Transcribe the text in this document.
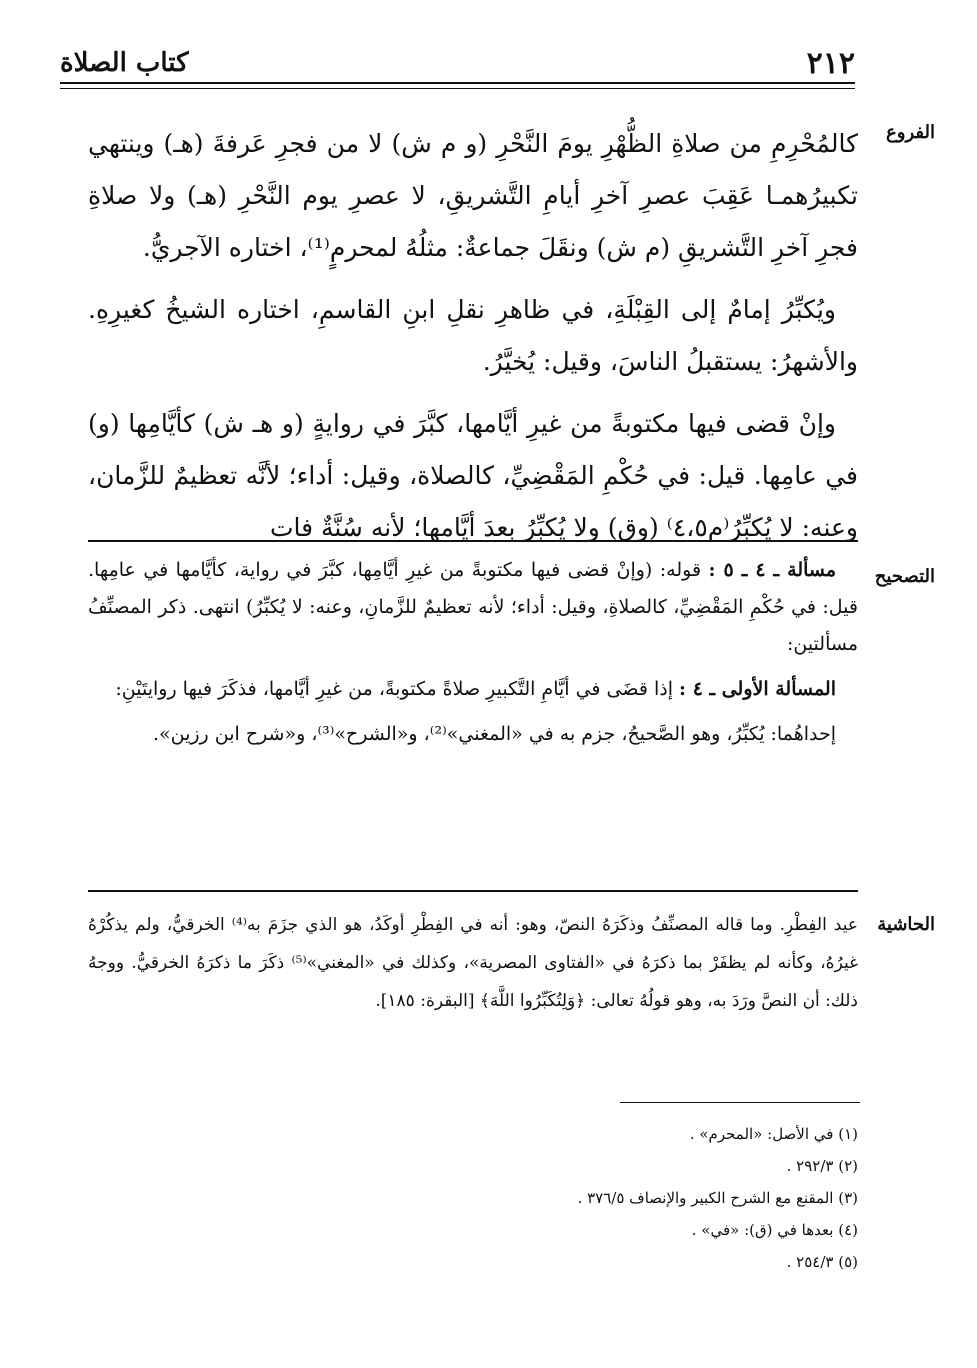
٢١٢
كتاب الصلاة
الفروع

كالمُحْرِمِ من صلاةِ الظُّهْرِ يومَ النَّحْرِ (و م ش) لا من فجرِ عَرفةَ (هـ) وينتهي تكبيرُهمـا عَقِبَ عصرِ آخرِ أيامِ التَّشريقِ، لا عصرِ يوم النَّحْرِ (هـ) ولا صلاةِ فجرِ آخرِ التَّشريقِ (م ش) ونقَلَ جماعةٌ: مثلُهُ لمحرمٍ⁽¹⁾، اختاره الآجريُّ.

ويُكبِّرُ إمامٌ إلى القِبْلَةِ، في ظاهرِ نقلِ ابنِ القاسمِ، اختاره الشيخُ كغيرِهِ. والأشهرُ: يستقبلُ الناسَ، وقيل: يُخيَّرُ.

وإنْ قضى فيها مكتوبةً من غيرِ أيَّامها، كبَّرَ في روايةٍ (و هـ ش) كأيَّامِها (و) في عامِها. قيل: في حُكْمِ المَقْضِيِّ، كالصلاة، وقيل: أداء؛ لأنَّه تعظيمٌ للزَّمان، وعنه: لا يُكبِّرُ⁽م٤،٥⁾ (وق) ولا يُكبِّرُ بعدَ أيَّامها؛ لأنه سُنَّةٌ فات

التصحيح

مسألة ـ ٤ ـ ٥ : قوله: (وإنْ قضى فيها مكتوبةً من غيرِ أيَّامِها، كبَّرَ في رواية، كأيَّامها في عامِها. قيل: في حُكْمِ المَقْضِيِّ، كالصلاةِ، وقيل: أداء؛ لأنه تعظيمٌ للزَّمانِ، وعنه: لا يُكبِّرُ) انتهى. ذكر المصنِّفُ مسألتين:

المسألة الأولى ـ ٤ : إذا قضَى في أيَّامِ التَّكبيرِ صلاةً مكتوبةً، من غيرِ أيَّامها، فذكَرَ فيها روايتَيْنِ:

إحداهُما: يُكبِّرُ، وهو الصَّحيحُ، جزم به في «المغني»⁽²⁾، و«الشرح»⁽³⁾، و«شرح ابن رزين».

الحاشية

عيد الفِطْرِ. وما قاله المصنِّفُ وذكَرَهُ النصّ، وهو: أنه في الفِطْرِ أوكَدُ، هو الذي جزَمَ به⁽⁴⁾ الخرقيُّ، ولم يذكُرْهُ غيرُهُ، وكأنه لم يظفَرْ بما ذكرَهُ في «الفتاوى المصرية»، وكذلك في «المغني»⁽⁵⁾ ذكَرَ ما ذكرَهُ الخرقيُّ. ووجهُ ذلك: أن النصَّ ورَدَ به، وهو قولُهُ تعالى: ﴿وَلِتُكَبِّرُوا اللَّهَ﴾ [البقرة: ١٨٥].

(١) في الأصل: «المحرم» .
(٢) ٢٩٢/٣ .
(٣) المقنع مع الشرح الكبير والإنصاف ٣٧٦/٥ .
(٤) بعدها في (ق): «في» .
(٥) ٢٥٤/٣ .
